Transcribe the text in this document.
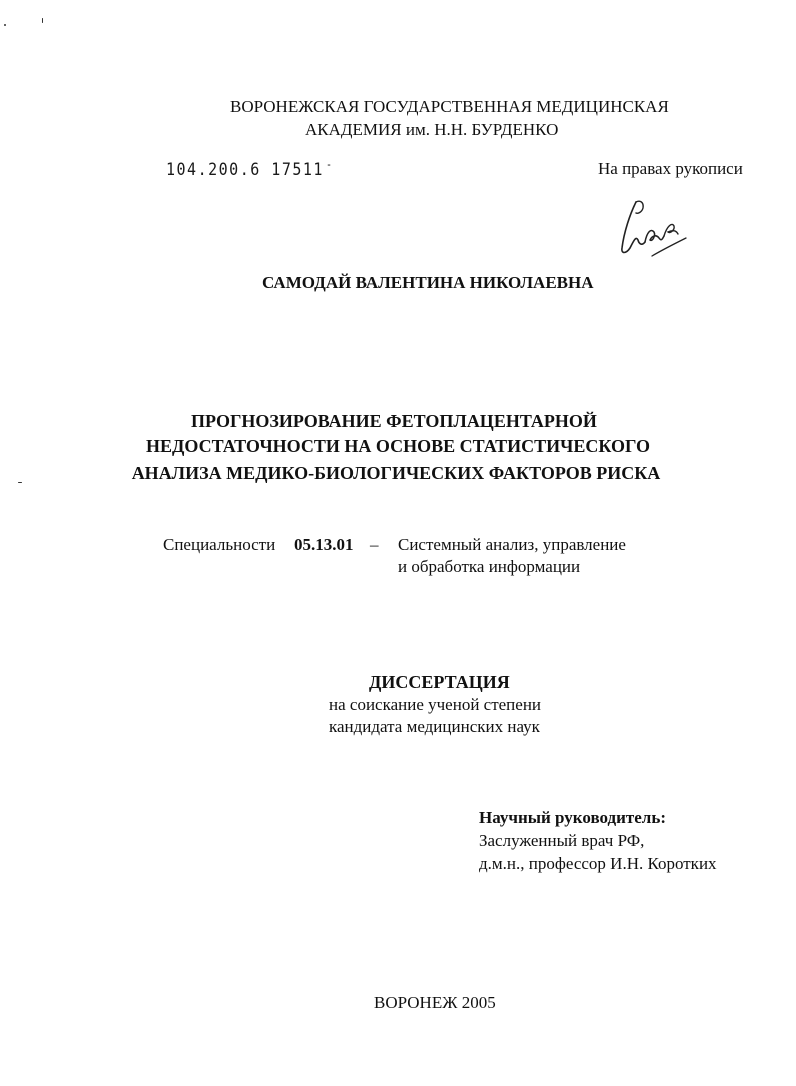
ВОРОНЕЖСКАЯ ГОСУДАРСТВЕННАЯ МЕДИЦИНСКАЯ
АКАДЕМИЯ им. Н.Н. БУРДЕНКО
104.200.6 17511 -	На правах рукописи
САМОДАЙ ВАЛЕНТИНА НИКОЛАЕВНА
ПРОГНОЗИРОВАНИЕ ФЕТОПЛАЦЕНТАРНОЙ
НЕДОСТАТОЧНОСТИ НА ОСНОВЕ СТАТИСТИЧЕСКОГО
АНАЛИЗА МЕДИКО-БИОЛОГИЧЕСКИХ ФАКТОРОВ РИСКА
Специальности 05.13.01 – Системный анализ, управление
и обработка информации
ДИССЕРТАЦИЯ
на соискание ученой степени
кандидата медицинских наук
Научный руководитель:
Заслуженный врач РФ,
д.м.н., профессор И.Н. Коротких
ВОРОНЕЖ 2005
